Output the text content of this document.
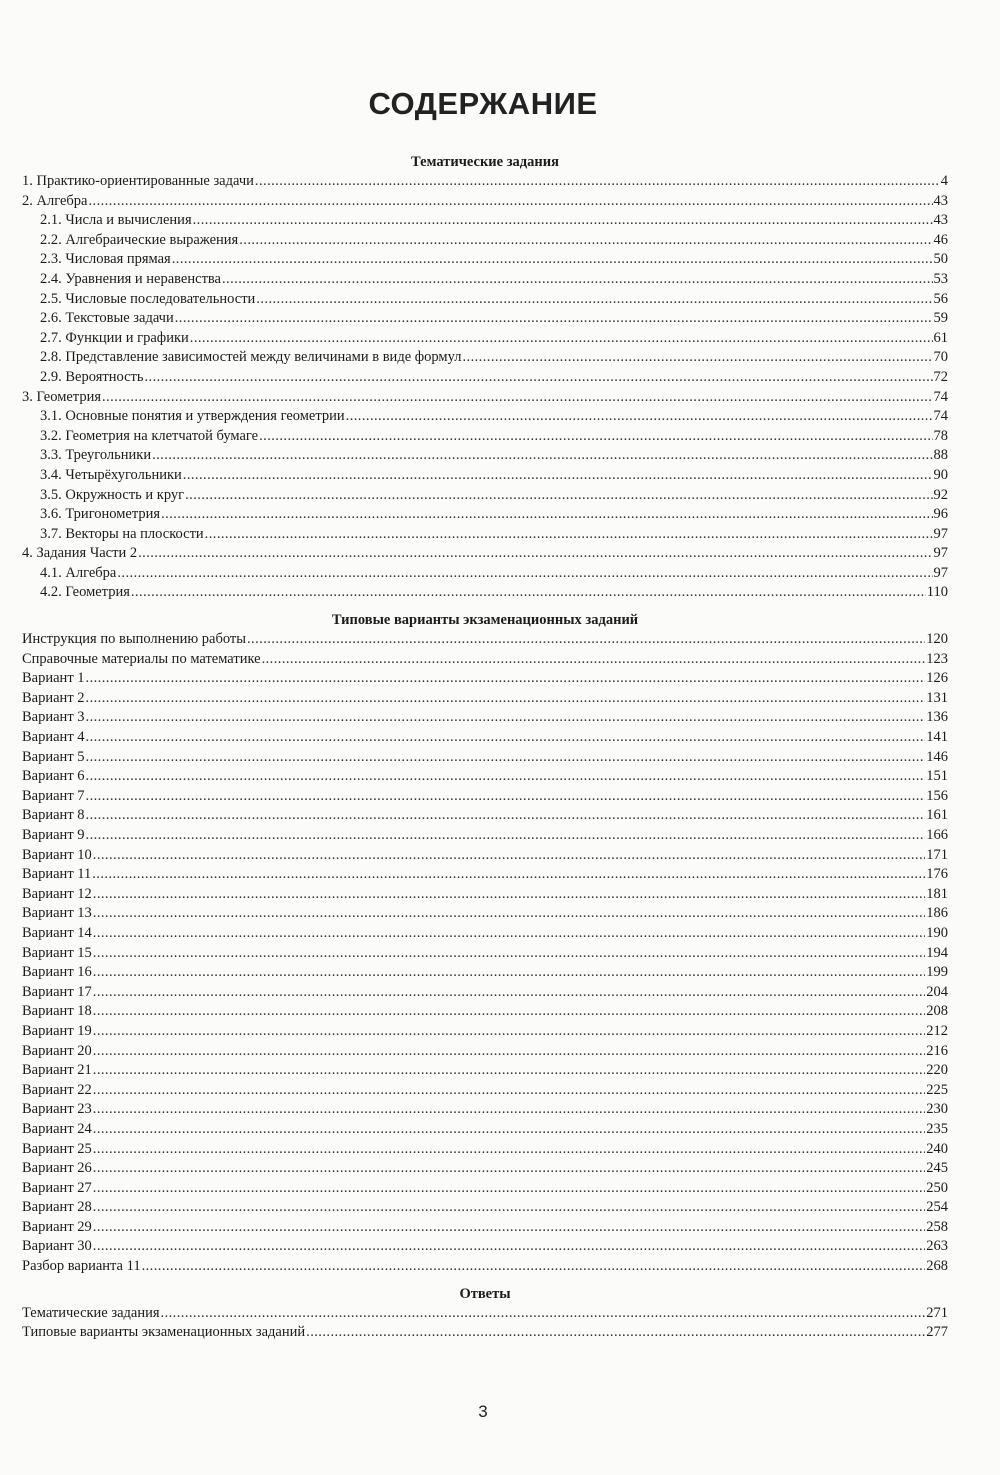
СОДЕРЖАНИЕ
Тематические задания
1. Практико-ориентированные задачи . . .	4
2. Алгебра . . .	43
2.1. Числа и вычисления . . .	43
2.2. Алгебраические выражения . . .	46
2.3. Числовая прямая . . .	50
2.4. Уравнения и неравенства . . .	53
2.5. Числовые последовательности . . .	56
2.6. Текстовые задачи . . .	59
2.7. Функции и графики . . .	61
2.8. Представление зависимостей между величинами в виде формул . . .	70
2.9. Вероятность . . .	72
3. Геометрия . . .	74
3.1. Основные понятия и утверждения геометрии . . .	74
3.2. Геометрия на клетчатой бумаге . . .	78
3.3. Треугольники . . .	88
3.4. Четырёхугольники . . .	90
3.5. Окружность и круг . . .	92
3.6. Тригонометрия . . .	96
3.7. Векторы на плоскости . . .	97
4. Задания Части 2 . . .	97
4.1. Алгебра . . .	97
4.2. Геометрия . . .	110
Типовые варианты экзаменационных заданий
Инструкция по выполнению работы . . .	120
Справочные материалы по математике . . .	123
Вариант 1 . . .	126
Вариант 2 . . .	131
Вариант 3 . . .	136
Вариант 4 . . .	141
Вариант 5 . . .	146
Вариант 6 . . .	151
Вариант 7 . . .	156
Вариант 8 . . .	161
Вариант 9 . . .	166
Вариант 10 . . .	171
Вариант 11 . . .	176
Вариант 12 . . .	181
Вариант 13 . . .	186
Вариант 14 . . .	190
Вариант 15 . . .	194
Вариант 16 . . .	199
Вариант 17 . . .	204
Вариант 18 . . .	208
Вариант 19 . . .	212
Вариант 20 . . .	216
Вариант 21 . . .	220
Вариант 22 . . .	225
Вариант 23 . . .	230
Вариант 24 . . .	235
Вариант 25 . . .	240
Вариант 26 . . .	245
Вариант 27 . . .	250
Вариант 28 . . .	254
Вариант 29 . . .	258
Вариант 30 . . .	263
Разбор варианта 11 . . .	268
Ответы
Тематические задания . . .	271
Типовые варианты экзаменационных заданий . . .	277
3
